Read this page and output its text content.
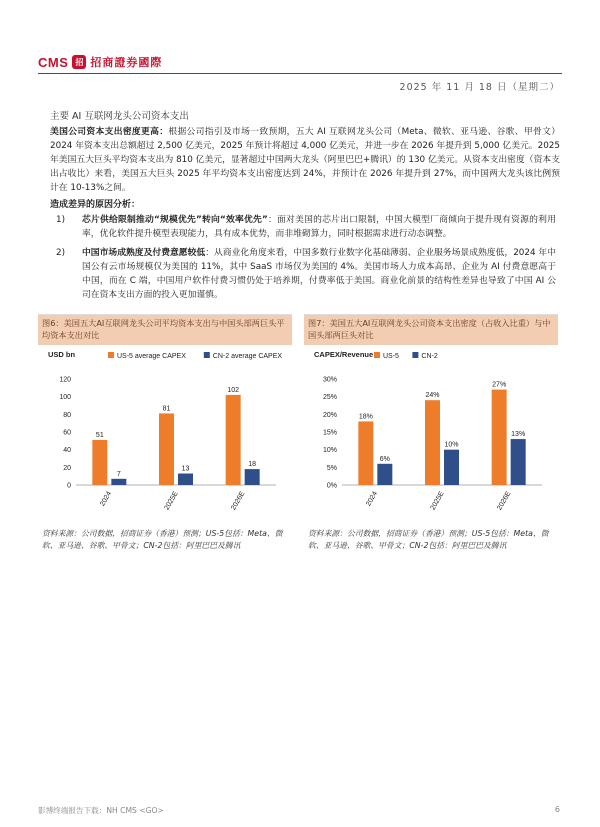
CMS 招 招商證券國際
2025 年 11 月 18 日（星期二）
主要 AI 互联网龙头公司资本支出
美国公司资本支出密度更高：根据公司指引及市场一致预期，五大 AI 互联网龙头公司（Meta、微软、亚马逊、谷歌、甲骨文）2024 年资本支出总额超过 2,500 亿美元，2025 年预计将超过 4,000 亿美元，并进一步在 2026 年提升到 5,000 亿美元。2025 年美国五大巨头平均资本支出为 810 亿美元，显著超过中国两大龙头（阿里巴巴+腾讯）的 130 亿美元。从资本支出密度（资本支出占收比）来看，美国五大巨头 2025 年平均资本支出密度达到 24%，并预计在 2026 年提升到 27%，而中国两大龙头该比例预计在 10-13%之间。
造成差异的原因分析：
1)	芯片供给限制推动“规模优先”转向“效率优先”：面对美国的芯片出口限制，中国大模型厂商倾向于提升现有资源的利用率，优化软件提升模型表现能力，具有成本优势，而非堆砌算力，同时根据需求进行动态调整。
2)	中国市场成熟度及付费意愿较低：从商业化角度来看，中国多数行业数字化基础薄弱、企业服务场景成熟度低，2024 年中国公有云市场规模仅为美国的 11%，其中 SaaS 市场仅为美国的 4%。美国市场人力成本高昂、企业为 AI 付费意愿高于中国，而在 C 端，中国用户软件付费习惯仍处于培养期，付费率低于美国。商业化前景的结构性差异也导致了中国 AI 公司在资本支出方面的投入更加谨慎。
图6：美国五大AI互联网龙头公司平均资本支出与中国头部两巨头平均资本支出对比
USD bn	US-5 average CAPEX	CN-2 average CAPEX
0
20
40
60
80
100
120
51
7
2024
81
13
2025E
102
18
2026E
资料来源：公司数据，招商证券（香港）预测；US-5包括：Meta、微软、亚马逊、谷歌、甲骨文；CN-2包括：阿里巴巴及腾讯
图7：美国五大AI互联网龙头公司资本支出密度（占收入比重）与中国头部两巨头对比
CAPEX/Revenue US-5	CN-2
0%
5%
10%
15%
20%
25%
30%
18%
6%
2024
24%
10%
2025E
27%
13%
2026E
资料来源：公司数据，招商证券（香港）预测；US-5包括：Meta、微软、亚马逊、谷歌、甲骨文；CN-2包括：阿里巴巴及腾讯
影博终端报告下载：NH CMS <GO>	6
